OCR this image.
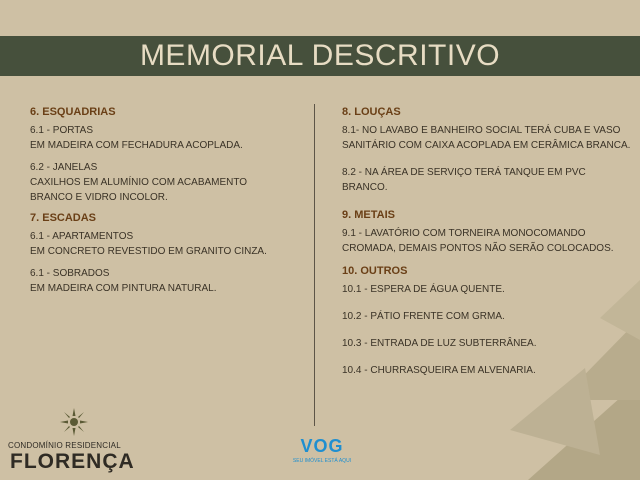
MEMORIAL DESCRITIVO
6. ESQUADRIAS
6.1 - PORTAS
EM MADEIRA COM FECHADURA ACOPLADA.
6.2 - JANELAS
CAXILHOS EM ALUMÍNIO COM ACABAMENTO
BRANCO E VIDRO INCOLOR.
7. ESCADAS
6.1 - APARTAMENTOS
EM CONCRETO REVESTIDO EM GRANITO CINZA.
6.1 - SOBRADOS
EM MADEIRA COM PINTURA NATURAL.
8. LOUÇAS
8.1- NO LAVABO E BANHEIRO SOCIAL TERÁ CUBA E VASO
SANITÁRIO COM CAIXA ACOPLADA EM CERÂMICA BRANCA.
8.2 - NA ÁREA DE SERVIÇO TERÁ TANQUE EM PVC BRANCO.
9. METAIS
9.1 - LAVATÓRIO COM TORNEIRA MONOCOMANDO
CROMADA, DEMAIS PONTOS NÃO SERÃO COLOCADOS.
10. OUTROS
10.1 - ESPERA DE ÁGUA QUENTE.
10.2 - PÁTIO FRENTE COM GRMA.
10.3 - ENTRADA DE LUZ SUBTERRÂNEA.
10.4 - CHURRASQUEIRA EM ALVENARIA.
CONDOMÍNIO RESIDENCIAL
FLORENÇA
VOG
SEU IMÓVEL ESTÁ AQUI
